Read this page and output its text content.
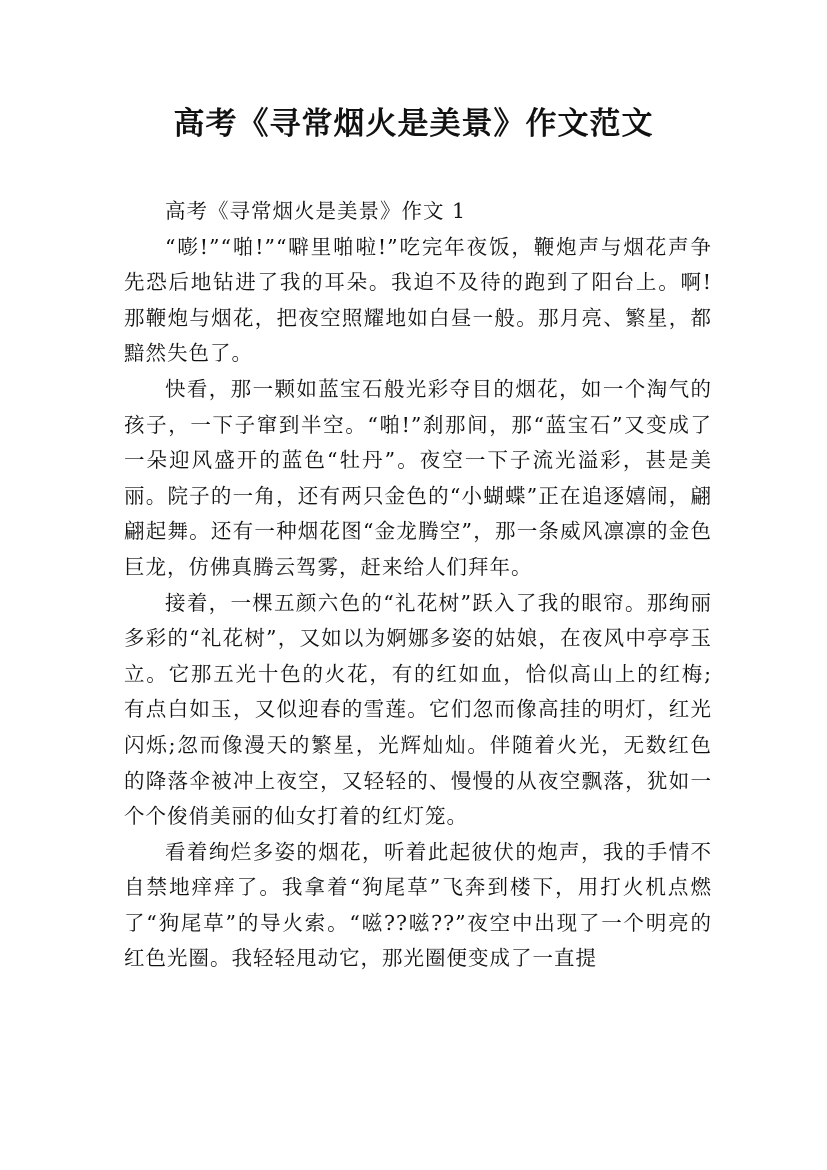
高考《寻常烟火是美景》作文范文

高考《寻常烟火是美景》作文 1

“嘭!”“啪!”“噼里啪啦!”吃完年夜饭，鞭炮声与烟花声争先恐后地钻进了我的耳朵。我迫不及待的跑到了阳台上。啊!那鞭炮与烟花，把夜空照耀地如白昼一般。那月亮、繁星，都黯然失色了。

快看，那一颗如蓝宝石般光彩夺目的烟花，如一个淘气的孩子，一下子窜到半空。“啪!”刹那间，那“蓝宝石”又变成了一朵迎风盛开的蓝色“牡丹”。夜空一下子流光溢彩，甚是美丽。院子的一角，还有两只金色的“小蝴蝶”正在追逐嬉闹，翩翩起舞。还有一种烟花图“金龙腾空”，那一条威风凛凛的金色巨龙，仿佛真腾云驾雾，赶来给人们拜年。

接着，一棵五颜六色的“礼花树”跃入了我的眼帘。那绚丽多彩的“礼花树”，又如以为婀娜多姿的姑娘，在夜风中亭亭玉立。它那五光十色的火花，有的红如血，恰似高山上的红梅;有点白如玉，又似迎春的雪莲。它们忽而像高挂的明灯，红光闪烁;忽而像漫天的繁星，光辉灿灿。伴随着火光，无数红色的降落伞被冲上夜空，又轻轻的、慢慢的从夜空飘落，犹如一个个俊俏美丽的仙女打着的红灯笼。

看着绚烂多姿的烟花，听着此起彼伏的炮声，我的手情不自禁地痒痒了。我拿着“狗尾草”飞奔到楼下，用打火机点燃了“狗尾草”的导火索。“嗞??嗞??”夜空中出现了一个明亮的红色光圈。我轻轻甩动它，那光圈便变成了一直提
